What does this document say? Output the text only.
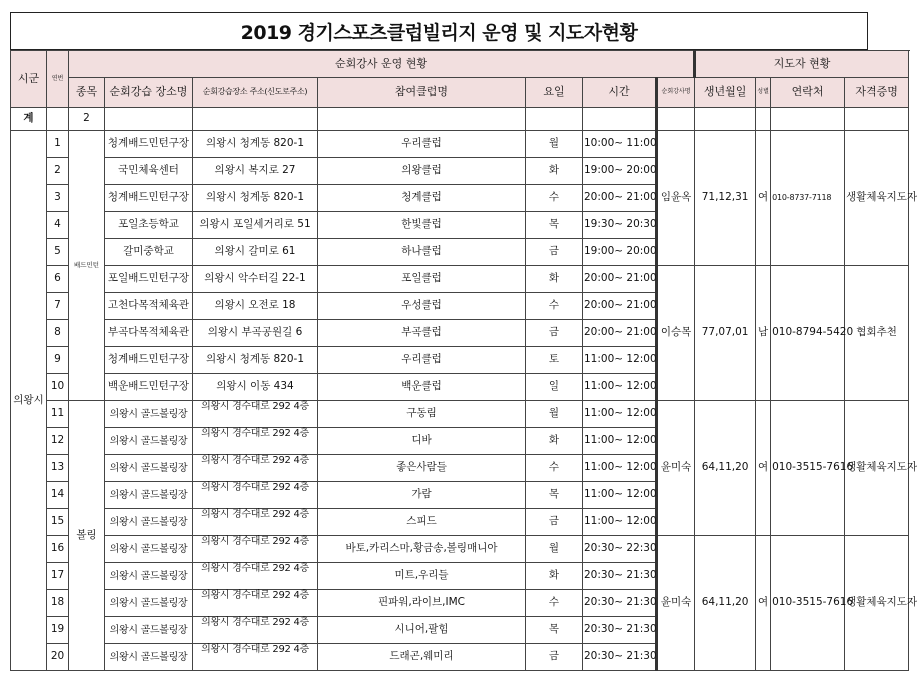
2019 경기스포츠클럽빌리지 운영 및 지도자현황
시군	연번	순회강사 운영 현황							지도자 현황			
		종목	순회강습 장소명	순회강습장소 주소(신도로주소)	참여클럽명	요일	시간	순회강사명	생년월일	성별	연락처	자격증명
계		2										
의왕시	1	배드민턴	청계배드민턴구장	의왕시 청계동 820-1	우리클럽	월	10:00~ 11:00	임윤옥	71,12,31	여	010-8737-7118	생활체육지도자
	2		국민체육센터	의왕시 복지로 27	의왕클럽	화	19:00~ 20:00					
	3		청계배드민턴구장	의왕시 청계동 820-1	청계클럽	수	20:00~ 21:00					
	4		포일초등학교	의왕시 포일세거리로 51	한빛클럽	목	19:30~ 20:30					
	5		갈미중학교	의왕시 갈미로 61	하나클럽	금	19:00~ 20:00					
	6		포일배드민턴구장	의왕시 악수터길 22-1	포일클럽	화	20:00~ 21:00	이승목	77,07,01	남	010-8794-5420	협회추천
	7		고천다목적체육관	의왕시 오전로 18	우성클럽	수	20:00~ 21:00					
	8		부곡다목적체육관	의왕시 부곡공원길 6	부곡클럽	금	20:00~ 21:00					
	9		청계배드민턴구장	의왕시 청계동 820-1	우리클럽	토	11:00~ 12:00					
	10		백운배드민턴구장	의왕시 이동 434	백운클럽	일	11:00~ 12:00					
	11	볼링	의왕시 골드볼링장	의왕시 경수대로 292 4층	구동림	월	11:00~ 12:00	윤미숙	64,11,20	여	010-3515-7616	생활체육지도자
	12		의왕시 골드볼링장	의왕시 경수대로 292 4층	디바	화	11:00~ 12:00					
	13		의왕시 골드볼링장	의왕시 경수대로 292 4층	좋은사람들	수	11:00~ 12:00					
	14		의왕시 골드볼링장	의왕시 경수대로 292 4층	가람	목	11:00~ 12:00					
	15		의왕시 골드볼링장	의왕시 경수대로 292 4층	스피드	금	11:00~ 12:00					
	16		의왕시 골드볼링장	의왕시 경수대로 292 4층	바토,카리스마,황금송,볼링매니아	월	20:30~ 22:30	윤미숙	64,11,20	여	010-3515-7616	생활체육지도자
	17		의왕시 골드볼링장	의왕시 경수대로 292 4층	미트,우리들	화	20:30~ 21:30					
	18		의왕시 골드볼링장	의왕시 경수대로 292 4층	핀파워,라이브,IMC	수	20:30~ 21:30					
	19		의왕시 골드볼링장	의왕시 경수대로 292 4층	시니어,팔힘	목	20:30~ 21:30					
	20		의왕시 골드볼링장	의왕시 경수대로 292 4층	드래곤,웨미리	금	20:30~ 21:30					
